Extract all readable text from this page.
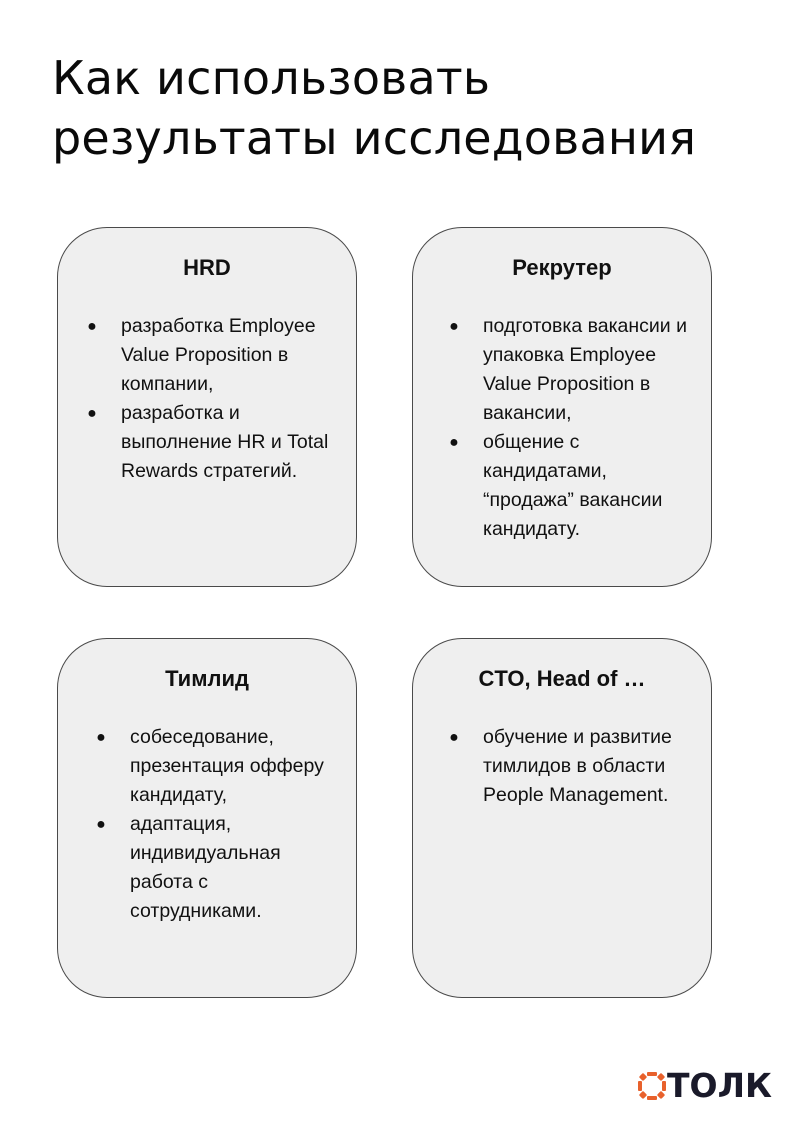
Как использовать результаты исследования
HRD
● разработка Employee Value Proposition в компании,
● разработка и выполнение HR и Total Rewards стратегий.
Рекрутер
● подготовка вакансии и упаковка Employee Value Proposition в вакансии,
● общение с кандидатами, “продажа” вакансии кандидату.
Тимлид
● собеседование, презентация офферу кандидату,
● адаптация, индивидуальная работа с сотрудниками.
CTO, Head of …
● обучение и развитие тимлидов в области People Management.
ТОЛК
